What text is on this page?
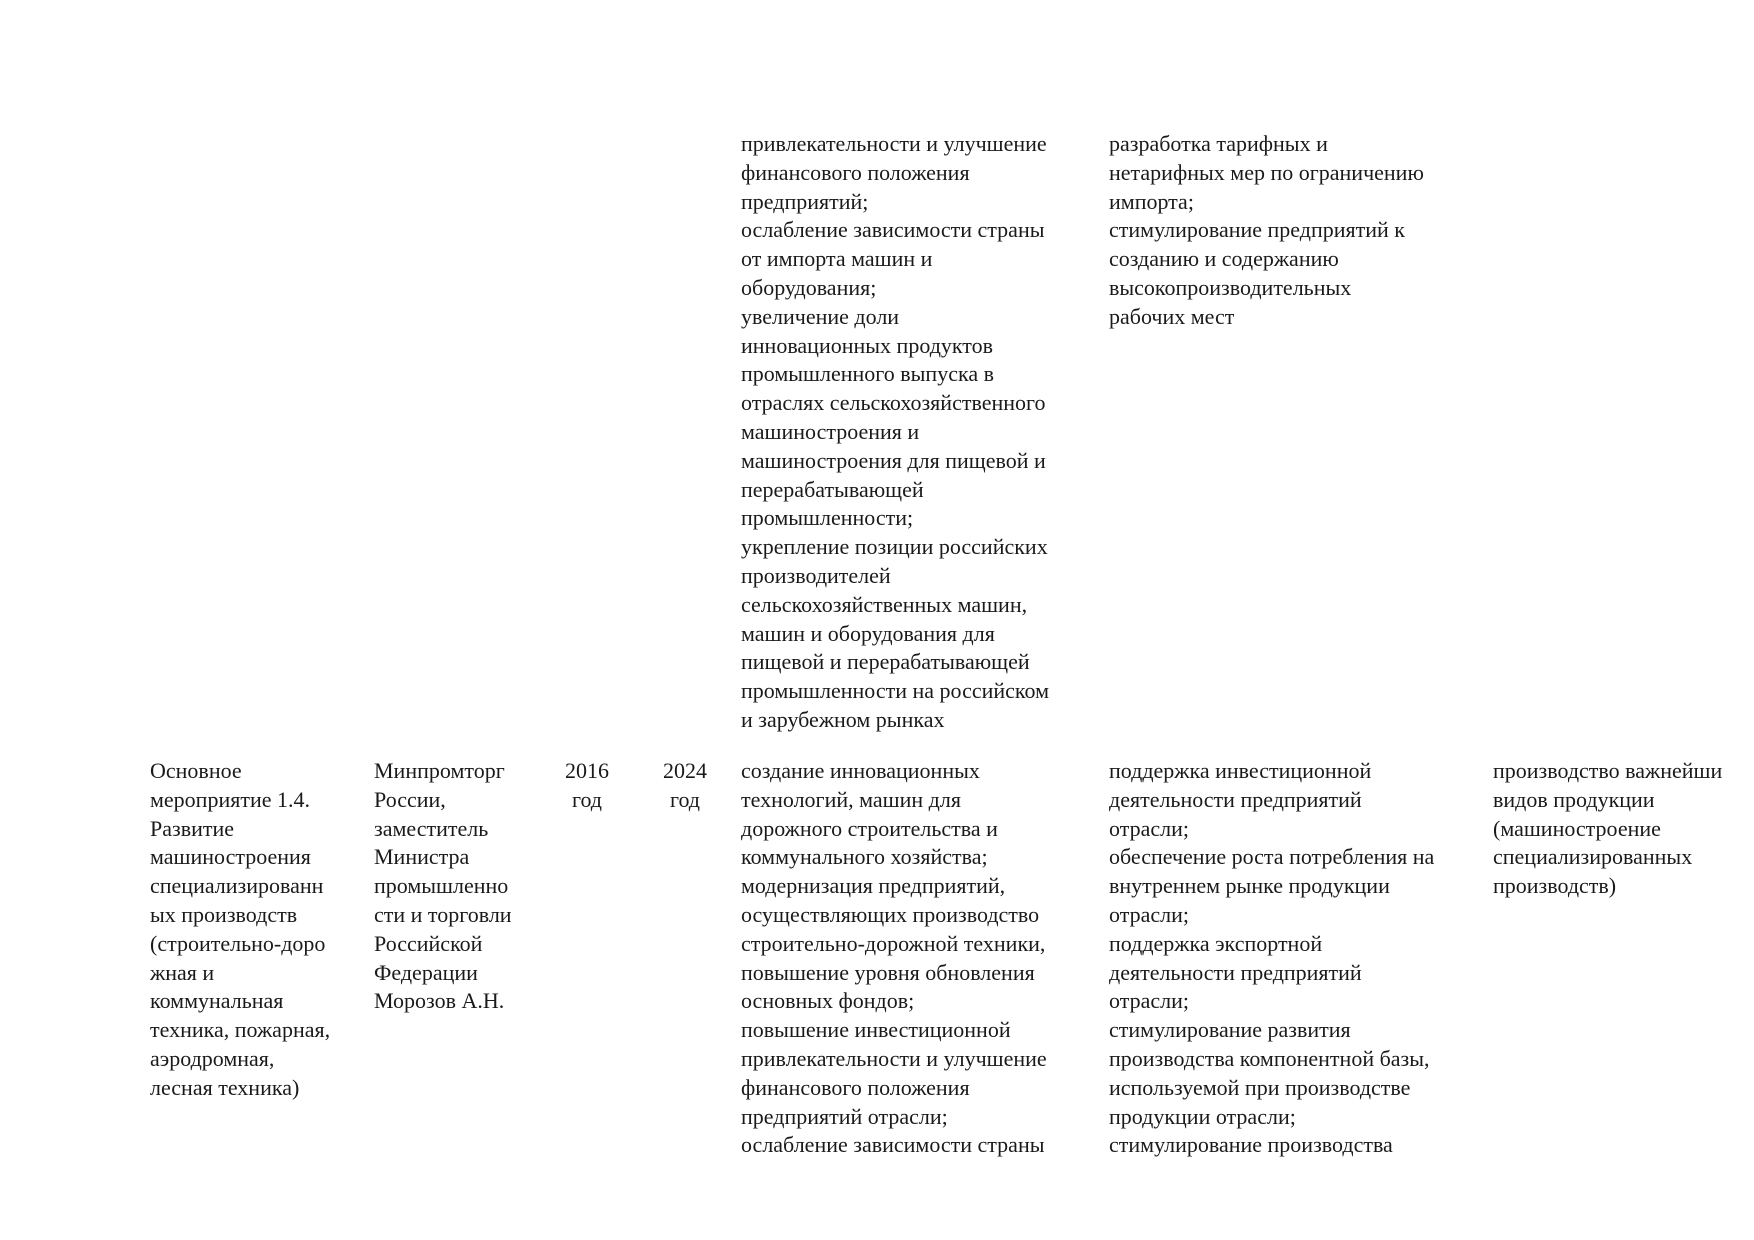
привлекательности и улучшение
финансового положения
предприятий;
ослабление зависимости страны
от импорта машин и
оборудования;
увеличение доли
инновационных продуктов
промышленного выпуска в
отраслях сельскохозяйственного
машиностроения и
машиностроения для пищевой и
перерабатывающей
промышленности;
укрепление позиции российских
производителей
сельскохозяйственных машин,
машин и оборудования для
пищевой и перерабатывающей
промышленности на российском
и зарубежном рынках
разработка тарифных и
нетарифных мер по ограничению
импорта;
стимулирование предприятий к
созданию и содержанию
высокопроизводительных
рабочих мест
Основное
мероприятие 1.4.
Развитие
машиностроения
специализированн
ых производств
(строительно-доро
жная и
коммунальная
техника, пожарная,
аэродромная,
лесная техника)
Минпромторг
России,
заместитель
Министра
промышленно
сти и торговли
Российской
Федерации
Морозов А.Н.
2016
год
2024
год
создание инновационных
технологий, машин для
дорожного строительства и
коммунального хозяйства;
модернизация предприятий,
осуществляющих производство
строительно-дорожной техники,
повышение уровня обновления
основных фондов;
повышение инвестиционной
привлекательности и улучшение
финансового положения
предприятий отрасли;
ослабление зависимости страны
поддержка инвестиционной
деятельности предприятий
отрасли;
обеспечение роста потребления на
внутреннем рынке продукции
отрасли;
поддержка экспортной
деятельности предприятий
отрасли;
стимулирование развития
производства компонентной базы,
используемой при производстве
продукции отрасли;
стимулирование производства
производство важнейши
видов продукции
(машиностроение
специализированных
производств)
